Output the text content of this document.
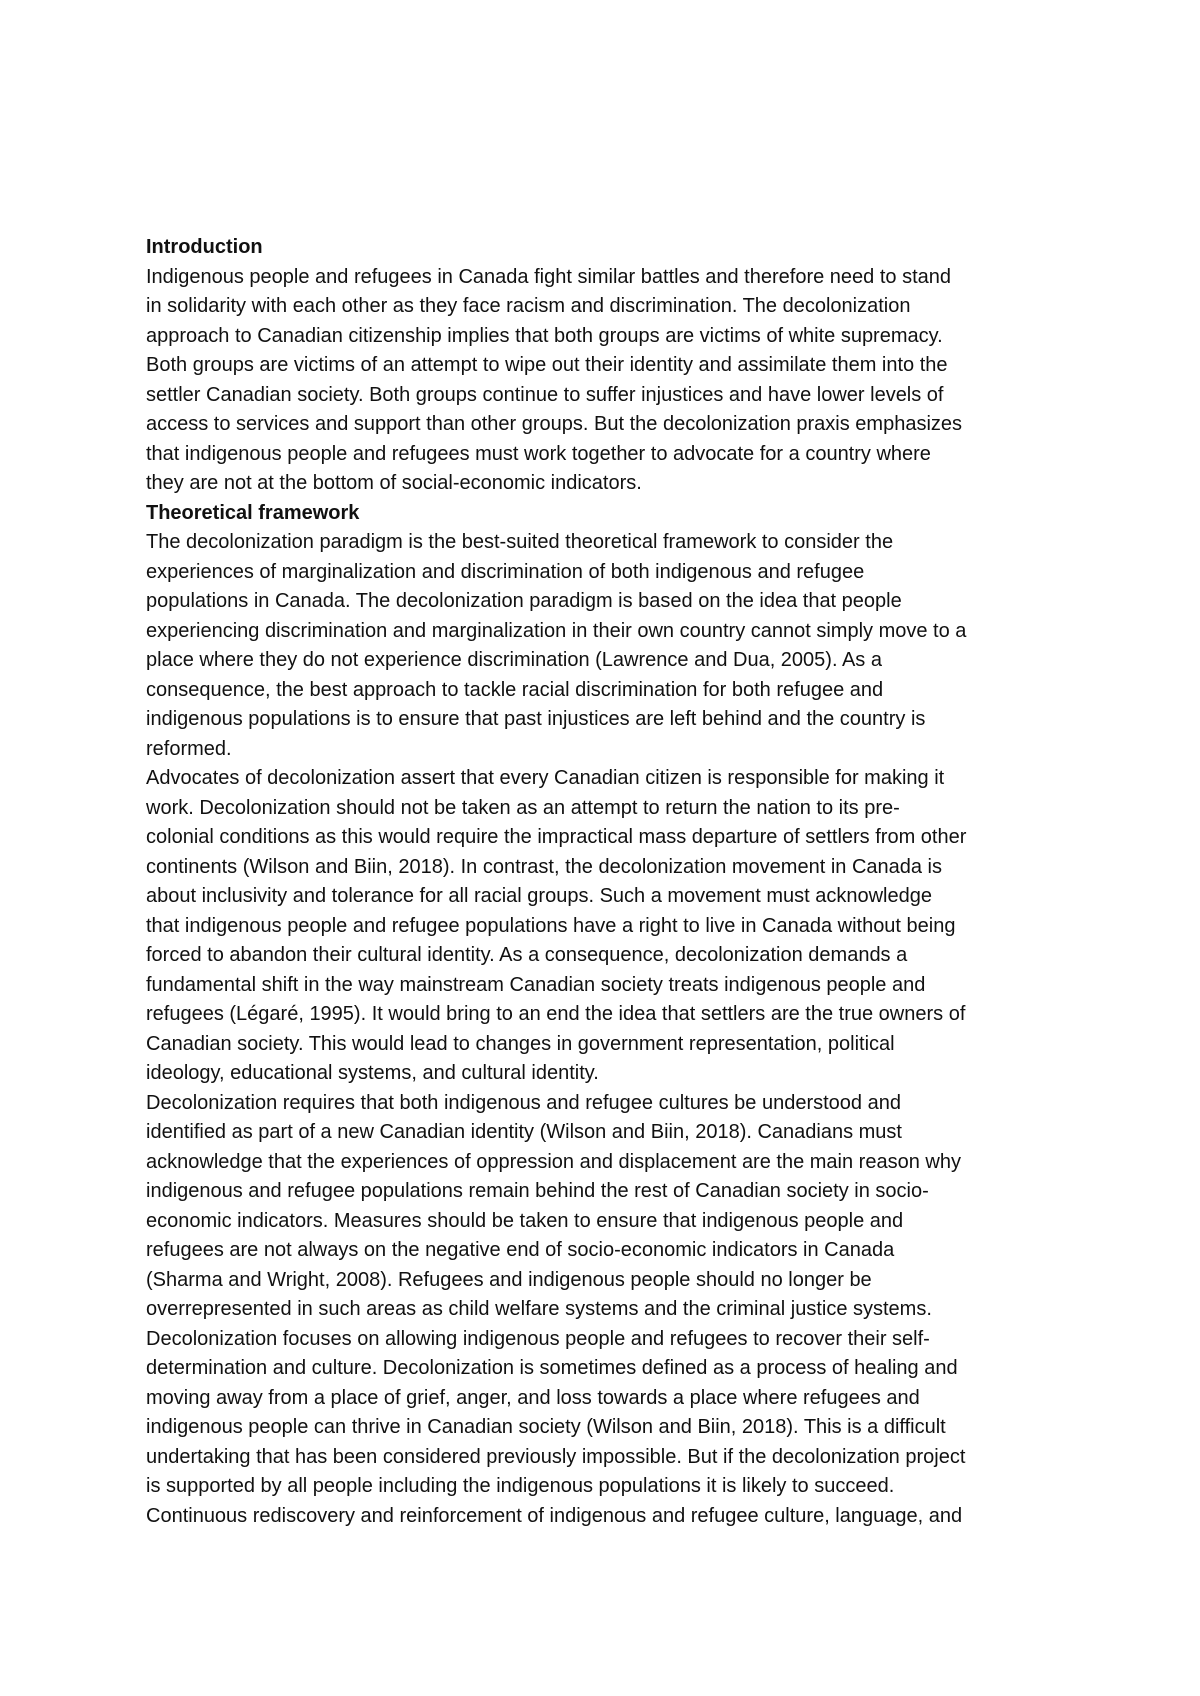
Introduction
Indigenous people and refugees in Canada fight similar battles and therefore need to stand
in solidarity with each other as they face racism and discrimination. The decolonization
approach to Canadian citizenship implies that both groups are victims of white supremacy.
Both groups are victims of an attempt to wipe out their identity and assimilate them into the
settler Canadian society. Both groups continue to suffer injustices and have lower levels of
access to services and support than other groups. But the decolonization praxis emphasizes
that indigenous people and refugees must work together to advocate for a country where
they are not at the bottom of social-economic indicators.
Theoretical framework
The decolonization paradigm is the best-suited theoretical framework to consider the
experiences of marginalization and discrimination of both indigenous and refugee
populations in Canada. The decolonization paradigm is based on the idea that people
experiencing discrimination and marginalization in their own country cannot simply move to a
place where they do not experience discrimination (Lawrence and Dua, 2005). As a
consequence, the best approach to tackle racial discrimination for both refugee and
indigenous populations is to ensure that past injustices are left behind and the country is
reformed.
Advocates of decolonization assert that every Canadian citizen is responsible for making it
work. Decolonization should not be taken as an attempt to return the nation to its pre-
colonial conditions as this would require the impractical mass departure of settlers from other
continents (Wilson and Biin, 2018). In contrast, the decolonization movement in Canada is
about inclusivity and tolerance for all racial groups. Such a movement must acknowledge
that indigenous people and refugee populations have a right to live in Canada without being
forced to abandon their cultural identity. As a consequence, decolonization demands a
fundamental shift in the way mainstream Canadian society treats indigenous people and
refugees (Légaré, 1995). It would bring to an end the idea that settlers are the true owners of
Canadian society. This would lead to changes in government representation, political
ideology, educational systems, and cultural identity.
Decolonization requires that both indigenous and refugee cultures be understood and
identified as part of a new Canadian identity (Wilson and Biin, 2018). Canadians must
acknowledge that the experiences of oppression and displacement are the main reason why
indigenous and refugee populations remain behind the rest of Canadian society in socio-
economic indicators. Measures should be taken to ensure that indigenous people and
refugees are not always on the negative end of socio-economic indicators in Canada
(Sharma and Wright, 2008). Refugees and indigenous people should no longer be
overrepresented in such areas as child welfare systems and the criminal justice systems.
Decolonization focuses on allowing indigenous people and refugees to recover their self-
determination and culture. Decolonization is sometimes defined as a process of healing and
moving away from a place of grief, anger, and loss towards a place where refugees and
indigenous people can thrive in Canadian society (Wilson and Biin, 2018). This is a difficult
undertaking that has been considered previously impossible. But if the decolonization project
is supported by all people including the indigenous populations it is likely to succeed.
Continuous rediscovery and reinforcement of indigenous and refugee culture, language, and
